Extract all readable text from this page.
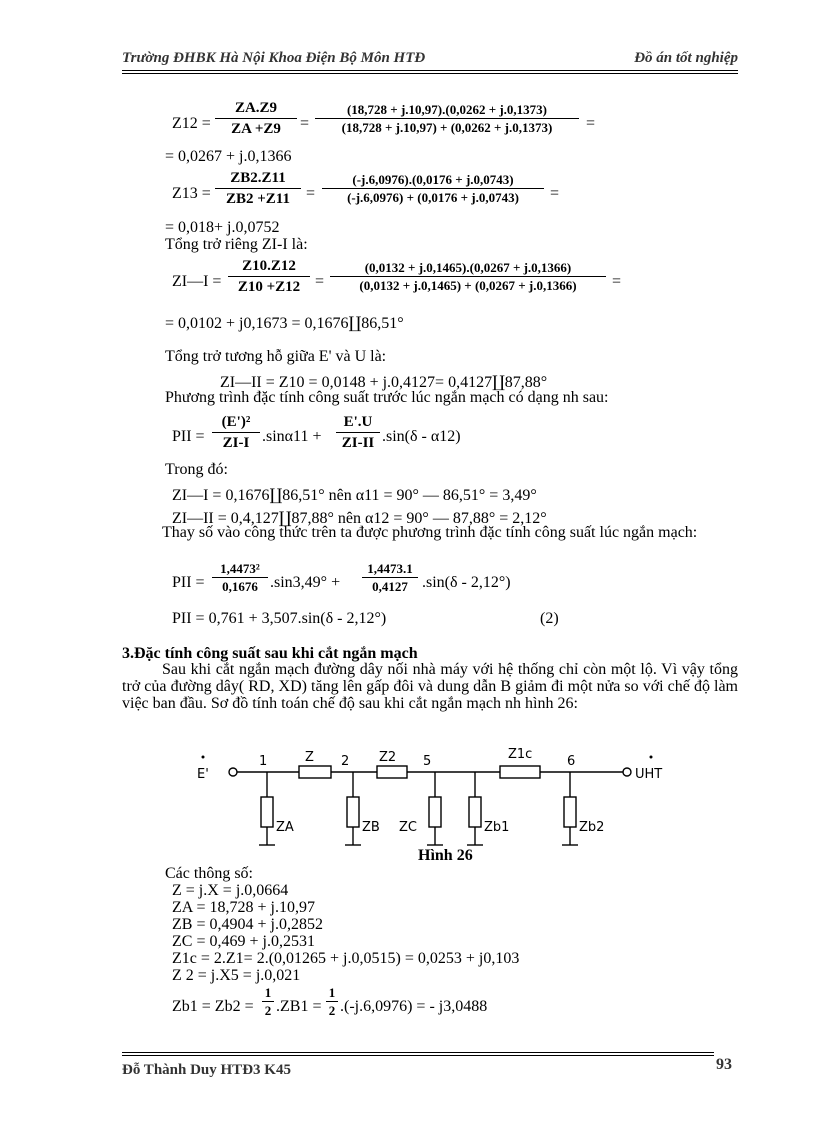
Trường ĐHBK Hà Nội Khoa Điện Bộ Môn HTĐ	Đồ án tốt nghiệp
$Z12 = \frac{ZA.Z9}{ZA +Z9} = \frac{(18,728 + j.10,97).(0,0262 + j.0,1373)}{(18,728 + j.10,97) + (0,0262 + j.0,1373)}$ =
= 0,0267 + j.0,1366
$Z13 = \frac{ZB2.Z11}{ZB2 +Z11} = \frac{(-j.6,0976).(0,0176 + j.0,0743)}{(-j.6,0976) + (0,0176 + j.0,0743)}$ =
= 0,018+ j.0,0752
Tổng trở riêng ZI-I là:
ZI—I = $\frac{Z10.Z12}{Z10 +Z12} = \frac{(0,0132 + j.0,1465).(0,0267 + j.0,1366)}{(0,0132 + j.0,1465) + (0,0267 + j.0,1366)}$ =
= 0,0102 + j0,1673 = 0,1676∐86,51°
Tổng trở tương hỗ giữa E' và U là:
ZI—II = Z10 = 0,0148 + j.0,4127= 0,4127∐87,88°
Phương trình đặc tính công suất trước lúc ngắn mạch có dạng nh sau:
PII = $\frac{\text{(E')²}}{ZI-I} .\sin\alpha 11 + \frac{E'.U}{ZI-II} .\sin(\delta - \alpha 12)$
Trong đó:
ZI—I = 0,1676∐86,51° nên α11 = 90° — 86,51° = 3,49°
ZI—II = 0,4,127∐87,88° nên α12 = 90° — 87,88° = 2,12°
Thay số vào công thức trên ta được phương trình đặc tính công suất lúc ngắn mạch:
PII = $\frac{\text{1,4473²}}{0,1676} .\sin 3,49^\circ + \frac{1,4473.1}{0,4127} .\sin(\delta - 2,12^\circ)$
PII = 0,761 + 3,507.sin(δ - 2,12°)	(2)
3.Đặc tính công suất sau khi cắt ngắn mạch
Sau khi cắt ngắn mạch đường dây nối nhà máy với hệ thống chỉ còn một lộ. Vì vậy tổng trở của đường dây( RD, XD) tăng lên gấp đôi và dung dẫn B giảm đi một nửa so với chế độ làm việc ban đầu. Sơ đồ tính toán chế độ sau khi cắt ngắn mạch nh hình 26:
E'	UHT
1	2	5	6
Z	Z2	Z1c
ZA	ZB ZC	Zb1	Zb2
Hình 26
Các thông số:
Z = j.X = j.0,0664
ZA = 18,728 + j.10,97
ZB = 0,4904 + j.0,2852
ZC = 0,469 + j.0,2531
Z1c = 2.Z1= 2.(0,01265 + j.0,0515) = 0,0253 + j0,103
Z 2 = j.X5 = j.0,021
$Zb1 = Zb2 = \frac{1}{2} .ZB1 = \frac{1}{2} .(-j.6,0976)$ = - j3,0488
Đỗ Thành Duy HTĐ3 K45	93
